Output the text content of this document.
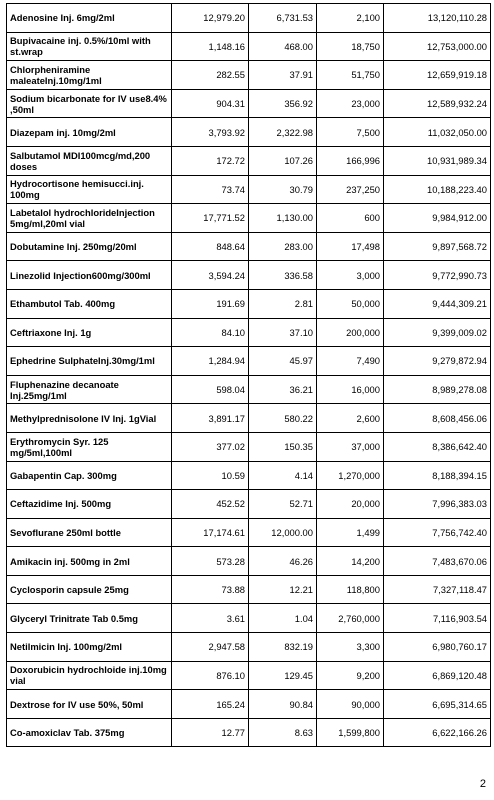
Adenosine Inj. 6mg/2ml	12,979.20	6,731.53	2,100	13,120,110.28
Bupivacaine inj. 0.5%/10ml with st.wrap	1,148.16	468.00	18,750	12,753,000.00
Chlorpheniramine maleateInj.10mg/1ml	282.55	37.91	51,750	12,659,919.18
Sodium bicarbonate for IV use8.4% ,50ml	904.31	356.92	23,000	12,589,932.24
Diazepam inj. 10mg/2ml	3,793.92	2,322.98	7,500	11,032,050.00
Salbutamol MDI100mcg/md,200 doses	172.72	107.26	166,996	10,931,989.34
Hydrocortisone hemisucci.inj. 100mg	73.74	30.79	237,250	10,188,223.40
Labetalol hydrochlorideInjection 5mg/ml,20ml vial	17,771.52	1,130.00	600	9,984,912.00
Dobutamine Inj. 250mg/20ml	848.64	283.00	17,498	9,897,568.72
Linezolid Injection600mg/300ml	3,594.24	336.58	3,000	9,772,990.73
Ethambutol Tab. 400mg	191.69	2.81	50,000	9,444,309.21
Ceftriaxone Inj. 1g	84.10	37.10	200,000	9,399,009.02
Ephedrine SulphateInj.30mg/1ml	1,284.94	45.97	7,490	9,279,872.94
Fluphenazine decanoate Inj.25mg/1ml	598.04	36.21	16,000	8,989,278.08
Methylprednisolone IV Inj. 1gVial	3,891.17	580.22	2,600	8,608,456.06
Erythromycin Syr. 125 mg/5ml,100ml	377.02	150.35	37,000	8,386,642.40
Gabapentin Cap. 300mg	10.59	4.14	1,270,000	8,188,394.15
Ceftazidime Inj. 500mg	452.52	52.71	20,000	7,996,383.03
Sevoflurane 250ml bottle	17,174.61	12,000.00	1,499	7,756,742.40
Amikacin inj. 500mg in 2ml	573.28	46.26	14,200	7,483,670.06
Cyclosporin capsule 25mg	73.88	12.21	118,800	7,327,118.47
Glyceryl Trinitrate Tab 0.5mg	3.61	1.04	2,760,000	7,116,903.54
Netilmicin Inj. 100mg/2ml	2,947.58	832.19	3,300	6,980,760.17
Doxorubicin hydrochloide inj.10mg vial	876.10	129.45	9,200	6,869,120.48
Dextrose for IV use 50%, 50ml	165.24	90.84	90,000	6,695,314.65
Co-amoxiclav Tab. 375mg	12.77	8.63	1,599,800	6,622,166.26
2
